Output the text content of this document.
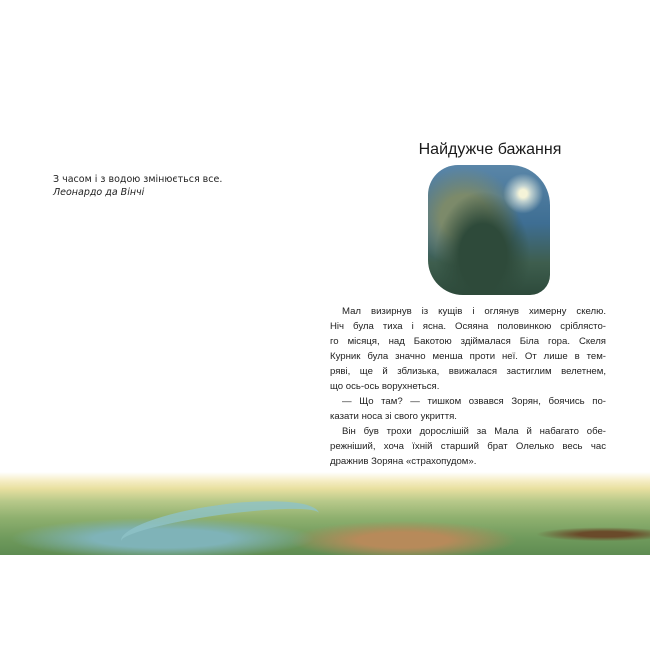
З часом і з водою змінюється все.
Леонардо да Вінчі
Найдужче бажання
Мал визирнув із кущів і оглянув химерну скелю.
Ніч була тиха і ясна. Осяяна половинкою сріблясто-
го місяця, над Бакотою здіймалася Біла гора. Скеля
Курник була значно менша проти неї. От лише в тем-
ряві, ще й зблизька, ввижалася застиглим велетнем,
що ось-ось ворухнеться.
— Що там? — тишком озвався Зорян, боячись по-
казати носа зі свого укриття.
Він був трохи дорослішій за Мала й набагато обе-
режніший, хоча їхній старший брат Олелько весь час
дражнив Зоряна «страхопудом».
